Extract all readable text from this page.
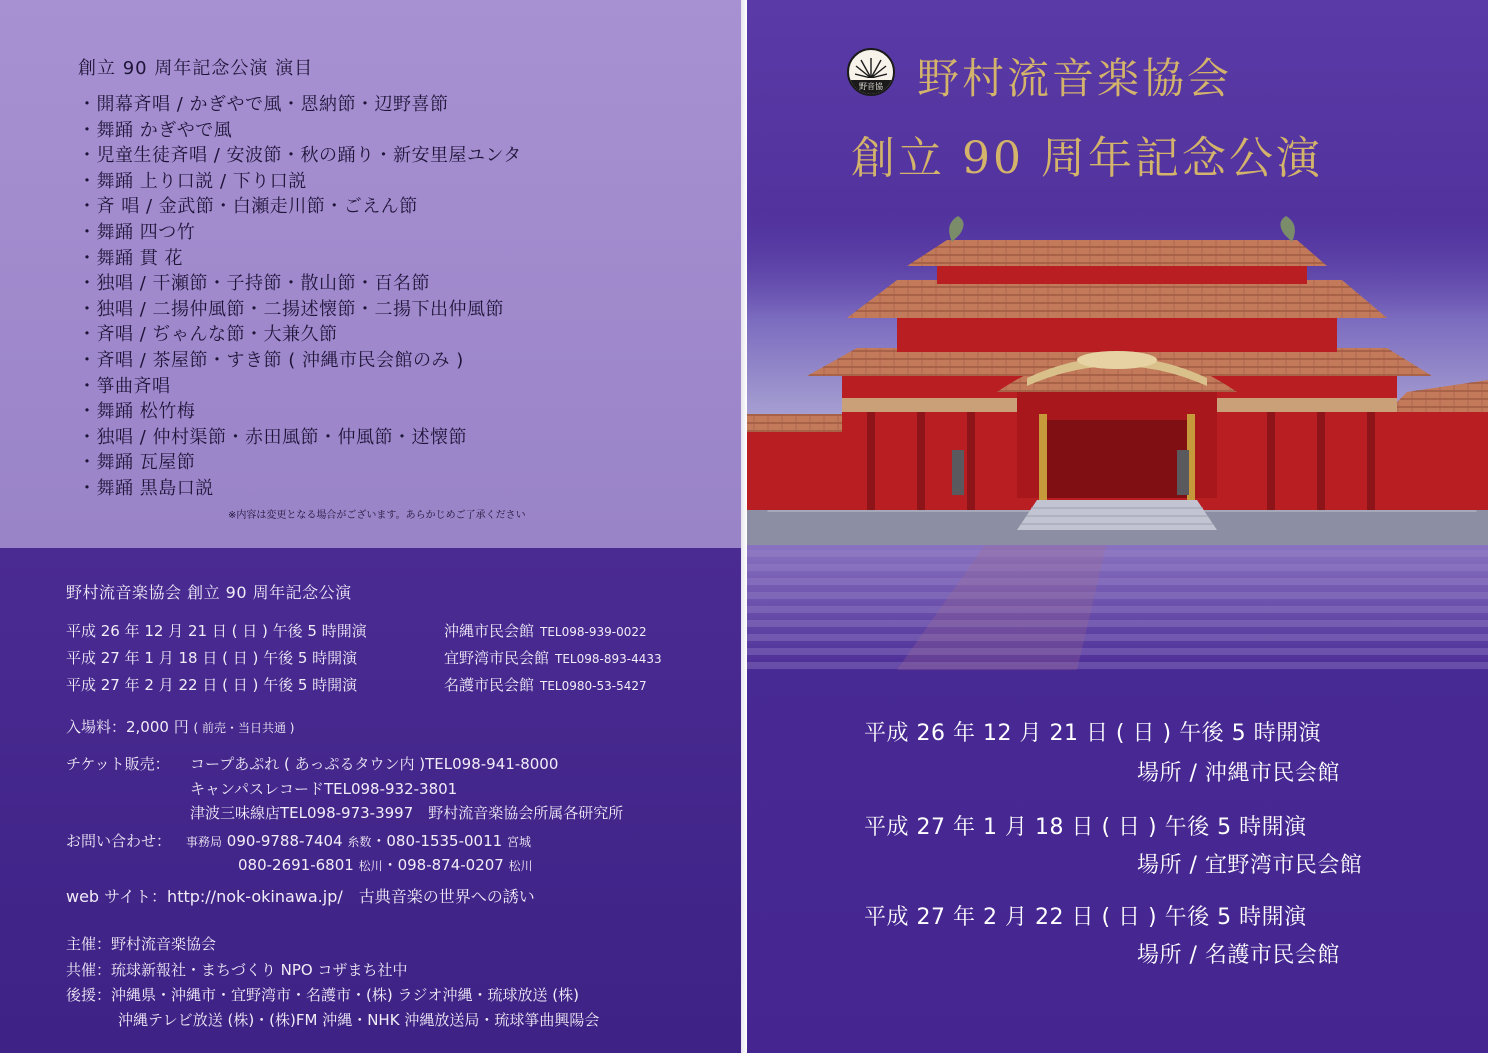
創立 90 周年記念公演 演目
・開幕斉唱 / かぎやで風・恩納節・辺野喜節
・舞踊 かぎやで風
・児童生徒斉唱 / 安波節・秋の踊り・新安里屋ユンタ
・舞踊 上り口説 / 下り口説
・斉 唱 / 金武節・白瀬走川節・ごえん節
・舞踊 四つ竹
・舞踊 貫 花
・独唱 / 干瀬節・子持節・散山節・百名節
・独唱 / 二揚仲風節・二揚述懐節・二揚下出仲風節
・斉唱 / ぢゃんな節・大兼久節
・斉唱 / 茶屋節・すき節 ( 沖縄市民会館のみ )
・箏曲斉唱
・舞踊 松竹梅
・独唱 / 仲村渠節・赤田風節・仲風節・述懐節
・舞踊 瓦屋節
・舞踊 黒島口説
※内容は変更となる場合がございます。あらかじめご了承ください
野村流音楽協会 創立 90 周年記念公演
平成 26 年 12 月 21 日 ( 日 ) 午後 5 時開演	沖縄市民会館 TEL098-939-0022
平成 27 年 1 月 18 日 ( 日 ) 午後 5 時開演	宜野湾市民会館 TEL098-893-4433
平成 27 年 2 月 22 日 ( 日 ) 午後 5 時開演	名護市民会館 TEL0980-53-5427
入場料：2,000 円 ( 前売・当日共通 )
チケット販売： コープあぷれ ( あっぷるタウン内 )TEL098-941-8000
キャンパスレコードTEL098-932-3801
津波三味線店TEL098-973-3997　野村流音楽協会所属各研究所
お問い合わせ： 事務局 090-9788-7404 糸数・080-1535-0011 宮城
080-2691-6801 松川・098-874-0207 松川
web サイト：http://nok-okinawa.jp/　古典音楽の世界への誘い
主催：野村流音楽協会
共催：琉球新報社・まちづくり NPO コザまち社中
後援：沖縄県・沖縄市・宜野湾市・名護市・(株) ラジオ沖縄・琉球放送 (株)
沖縄テレビ放送 (株)・(株)FM 沖縄・NHK 沖縄放送局・琉球箏曲興陽会
野音協 野村流音楽協会
創立 90 周年記念公演
平成 26 年 12 月 21 日 ( 日 ) 午後 5 時開演
場所 / 沖縄市民会館
平成 27 年 1 月 18 日 ( 日 ) 午後 5 時開演
場所 / 宜野湾市民会館
平成 27 年 2 月 22 日 ( 日 ) 午後 5 時開演
場所 / 名護市民会館
